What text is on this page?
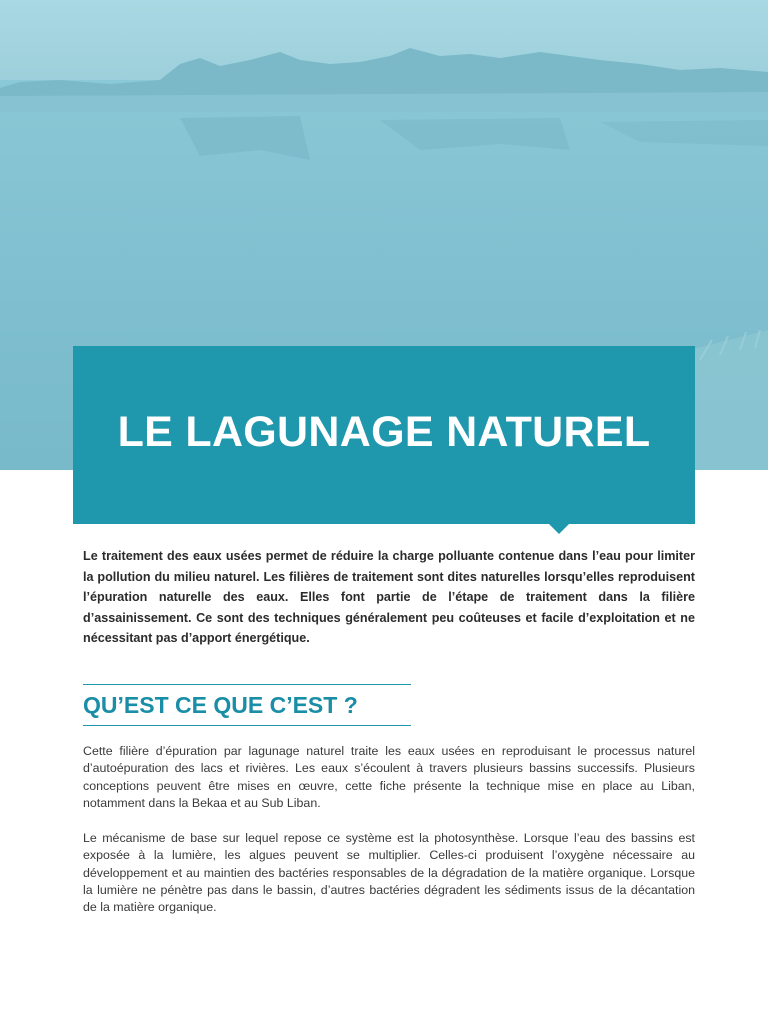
LE LAGUNAGE NATUREL

Le traitement des eaux usées permet de réduire la charge polluante contenue dans l’eau pour limiter la pollution du milieu naturel. Les filières de traitement sont dites naturelles lorsqu’elles reproduisent l’épuration naturelle des eaux. Elles font partie de l’étape de traitement dans la filière d’assainissement. Ce sont des techniques généralement peu coûteuses et facile d’exploitation et ne nécessitant pas d’apport énergétique.

QU’EST CE QUE C’EST ?

Cette filière d’épuration par lagunage naturel traite les eaux usées en reproduisant le processus naturel d’autoépuration des lacs et rivières. Les eaux s’écoulent à travers plusieurs bassins successifs. Plusieurs conceptions peuvent être mises en œuvre, cette fiche présente la technique mise en place au Liban, notamment dans la Bekaa et au Sub Liban.

Le mécanisme de base sur lequel repose ce système est la photosynthèse. Lorsque l’eau des bassins est exposée à la lumière, les algues peuvent se multiplier. Celles-ci produisent l’oxygène nécessaire au développement et au maintien des bactéries responsables de la dégradation de la matière organique. Lorsque la lumière ne pénètre pas dans le bassin, d’autres bactéries dégradent les sédiments issus de la décantation de la matière organique.
